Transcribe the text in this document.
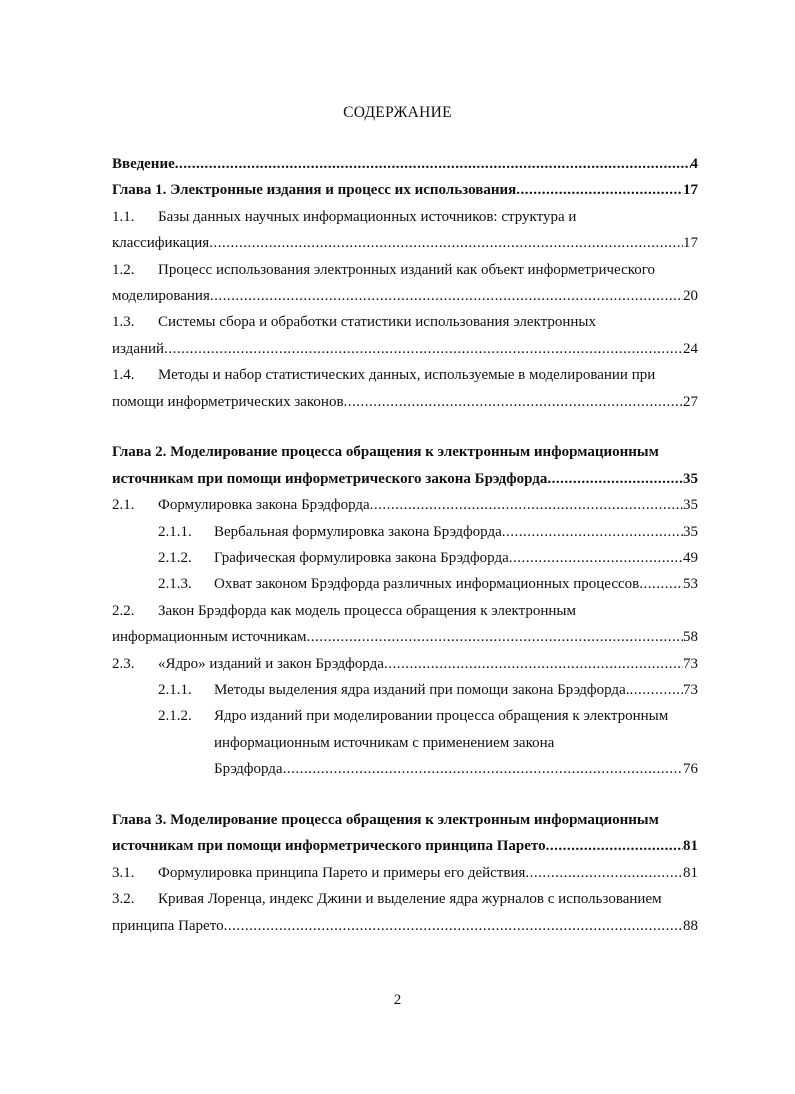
СОДЕРЖАНИЕ
Введение .....	4
Глава 1. Электронные издания и процесс их использования .....	17
1.1.	Базы данных научных информационных источников: структура и
классификация .....	17
1.2.	Процесс использования электронных изданий как объект информетрического
моделирования .....	20
1.3.	Системы сбора и обработки статистики использования электронных
изданий .....	24
1.4.	Методы и набор статистических данных, используемые в моделировании при
помощи информетрических законов .....	27
Глава 2. Моделирование процесса обращения к электронным информационным
источникам при помощи информетрического закона Брэдфорда .....	35
2.1.	Формулировка закона Брэдфорда .....	35
2.1.1.	Вербальная формулировка закона Брэдфорда .....	35
2.1.2.	Графическая формулировка закона Брэдфорда .....	49
2.1.3.	Охват законом Брэдфорда различных информационных процессов .....	53
2.2.	Закон Брэдфорда как модель процесса обращения к электронным
информационным источникам .....	58
2.3.	«Ядро» изданий и закон Брэдфорда .....	73
2.1.1.	Методы выделения ядра изданий при помощи закона Брэдфорда. .....	73
2.1.2.	Ядро изданий при моделировании процесса обращения к электронным
информационным источникам с применением закона
Брэдфорда .....	76
Глава 3. Моделирование процесса обращения к электронным информационным
источникам при помощи информетрического принципа Парето .....	81
3.1.	Формулировка принципа Парето и примеры его действия .....	81
3.2.	Кривая Лоренца, индекс Джини и выделение ядра журналов с использованием
принципа Парето .....	88
2
